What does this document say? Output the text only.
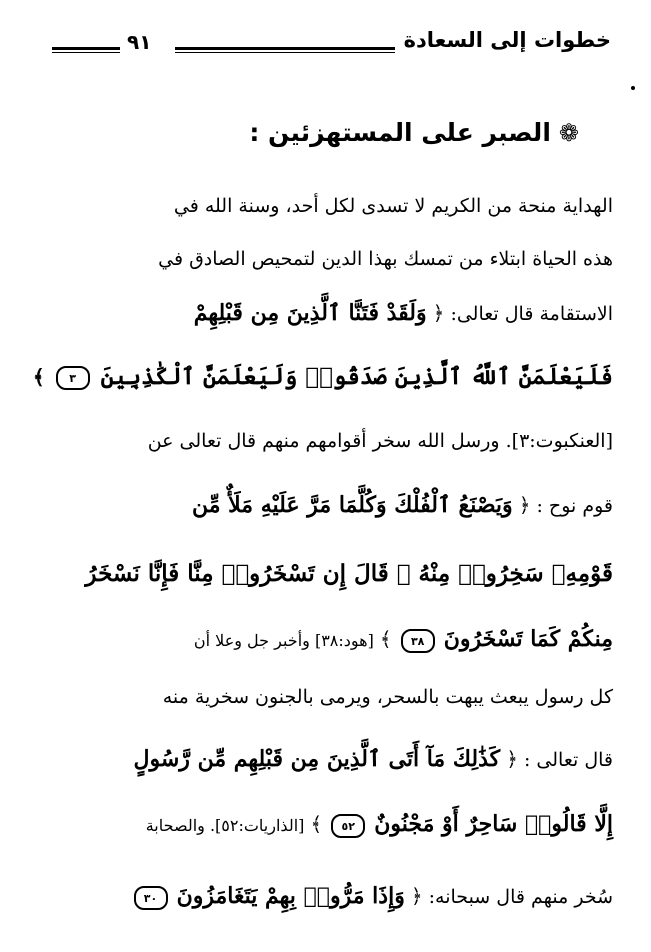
خطوات إلى السعادة
٩١
❁
الصبر على المستهزئين :
الهداية منحة من الكريم لا تسدى لكل أحد، وسنة الله في
هذه الحياة ابتلاء من تمسك بهذا الدين لتمحيص الصادق في
الاستقامة قال تعالى: ﴿ وَلَقَدْ فَتَنَّا ٱلَّذِينَ مِن قَبْلِهِمْ
فَلَيَعْلَمَنَّ ٱللَّهُ ٱلَّذِينَ صَدَقُوا۟ وَلَيَعْلَمَنَّ ٱلْكَٰذِبِينَ ٣ ﴾
[العنكبوت:٣]. ورسل الله سخر أقوامهم منهم قال تعالى عن
قوم نوح : ﴿ وَيَصْنَعُ ٱلْفُلْكَ وَكُلَّمَا مَرَّ عَلَيْهِ مَلَأٌ مِّن
قَوْمِهِۦ سَخِرُوا۟ مِنْهُ ۚ قَالَ إِن تَسْخَرُوا۟ مِنَّا فَإِنَّا نَسْخَرُ
مِنكُمْ كَمَا تَسْخَرُونَ ٣٨ ﴾ [هود:٣٨] وأخبر جل وعلا أن
كل رسول يبعث يبهت بالسحر، ويرمى بالجنون سخرية منه
قال تعالى : ﴿ كَذَٰلِكَ مَآ أَتَى ٱلَّذِينَ مِن قَبْلِهِم مِّن رَّسُولٍ
إِلَّا قَالُوا۟ سَاحِرٌ أَوْ مَجْنُونٌ ٥٢ ﴾ [الذاريات:٥٢]. والصحابة
سُخر منهم قال سبحانه: ﴿ وَإِذَا مَرُّوا۟ بِهِمْ يَتَغَامَزُونَ ٣٠
